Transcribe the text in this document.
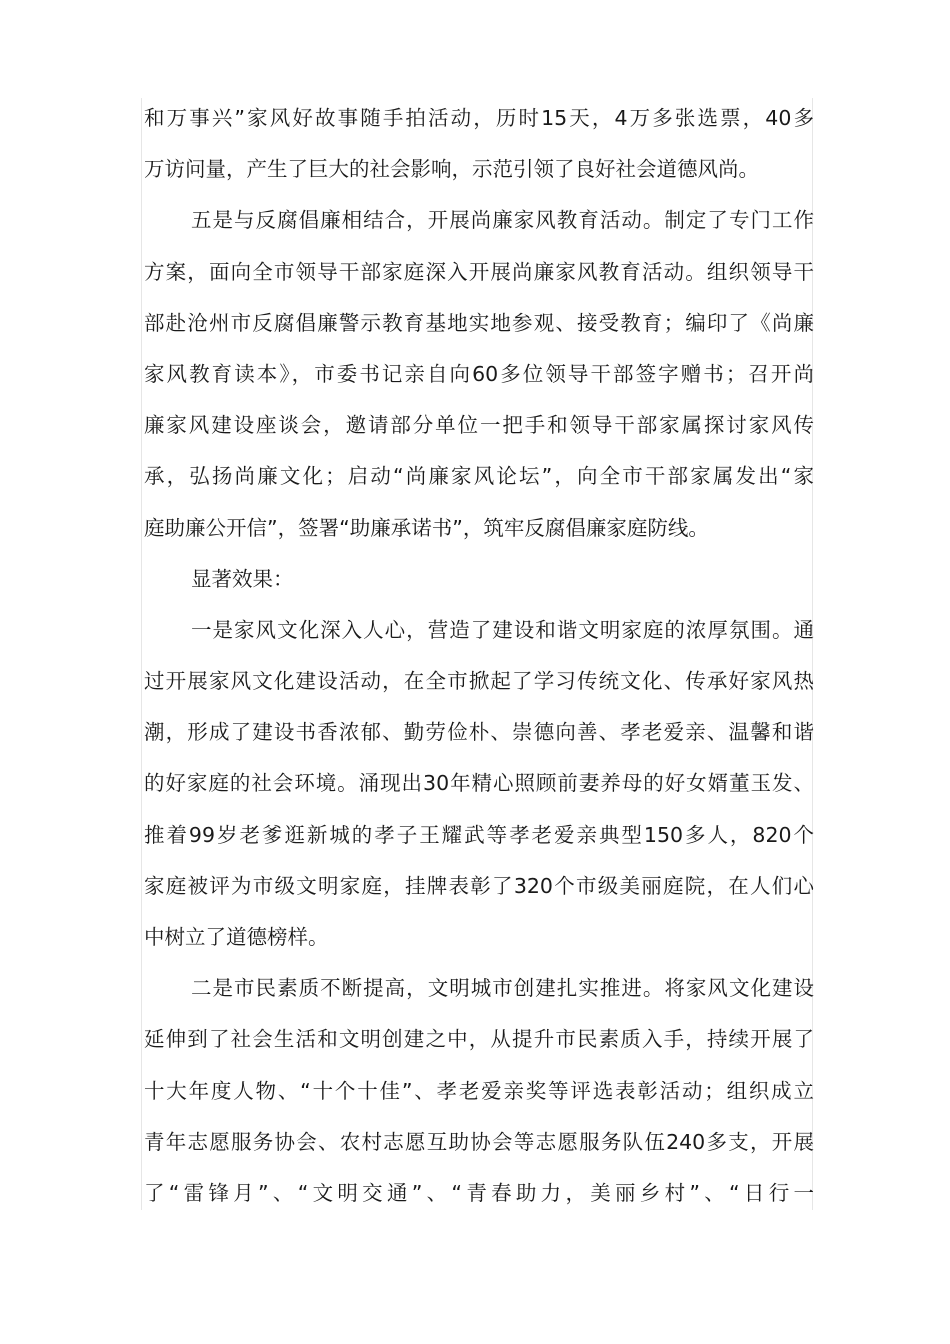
和万事兴”家风好故事随手拍活动，历时15天，4万多张选票，40多
万访问量，产生了巨大的社会影响，示范引领了良好社会道德风尚。
五是与反腐倡廉相结合，开展尚廉家风教育活动。制定了专门工作
方案，面向全市领导干部家庭深入开展尚廉家风教育活动。组织领导干
部赴沧州市反腐倡廉警示教育基地实地参观、接受教育；编印了《尚廉
家风教育读本》，市委书记亲自向60多位领导干部签字赠书；召开尚
廉家风建设座谈会，邀请部分单位一把手和领导干部家属探讨家风传
承，弘扬尚廉文化；启动“尚廉家风论坛”，向全市干部家属发出“家
庭助廉公开信”，签署“助廉承诺书”，筑牢反腐倡廉家庭防线。
显著效果：
一是家风文化深入人心，营造了建设和谐文明家庭的浓厚氛围。通
过开展家风文化建设活动，在全市掀起了学习传统文化、传承好家风热
潮，形成了建设书香浓郁、勤劳俭朴、崇德向善、孝老爱亲、温馨和谐
的好家庭的社会环境。涌现出30年精心照顾前妻养母的好女婿董玉发、
推着99岁老爹逛新城的孝子王耀武等孝老爱亲典型150多人，820个
家庭被评为市级文明家庭，挂牌表彰了320个市级美丽庭院，在人们心
中树立了道德榜样。
二是市民素质不断提高，文明城市创建扎实推进。将家风文化建设
延伸到了社会生活和文明创建之中，从提升市民素质入手，持续开展了
十大年度人物、“十个十佳”、孝老爱亲奖等评选表彰活动；组织成立
青年志愿服务协会、农村志愿互助协会等志愿服务队伍240多支，开展
了“雷锋月”、“文明交通”、“青春助力，美丽乡村”、“日行一
